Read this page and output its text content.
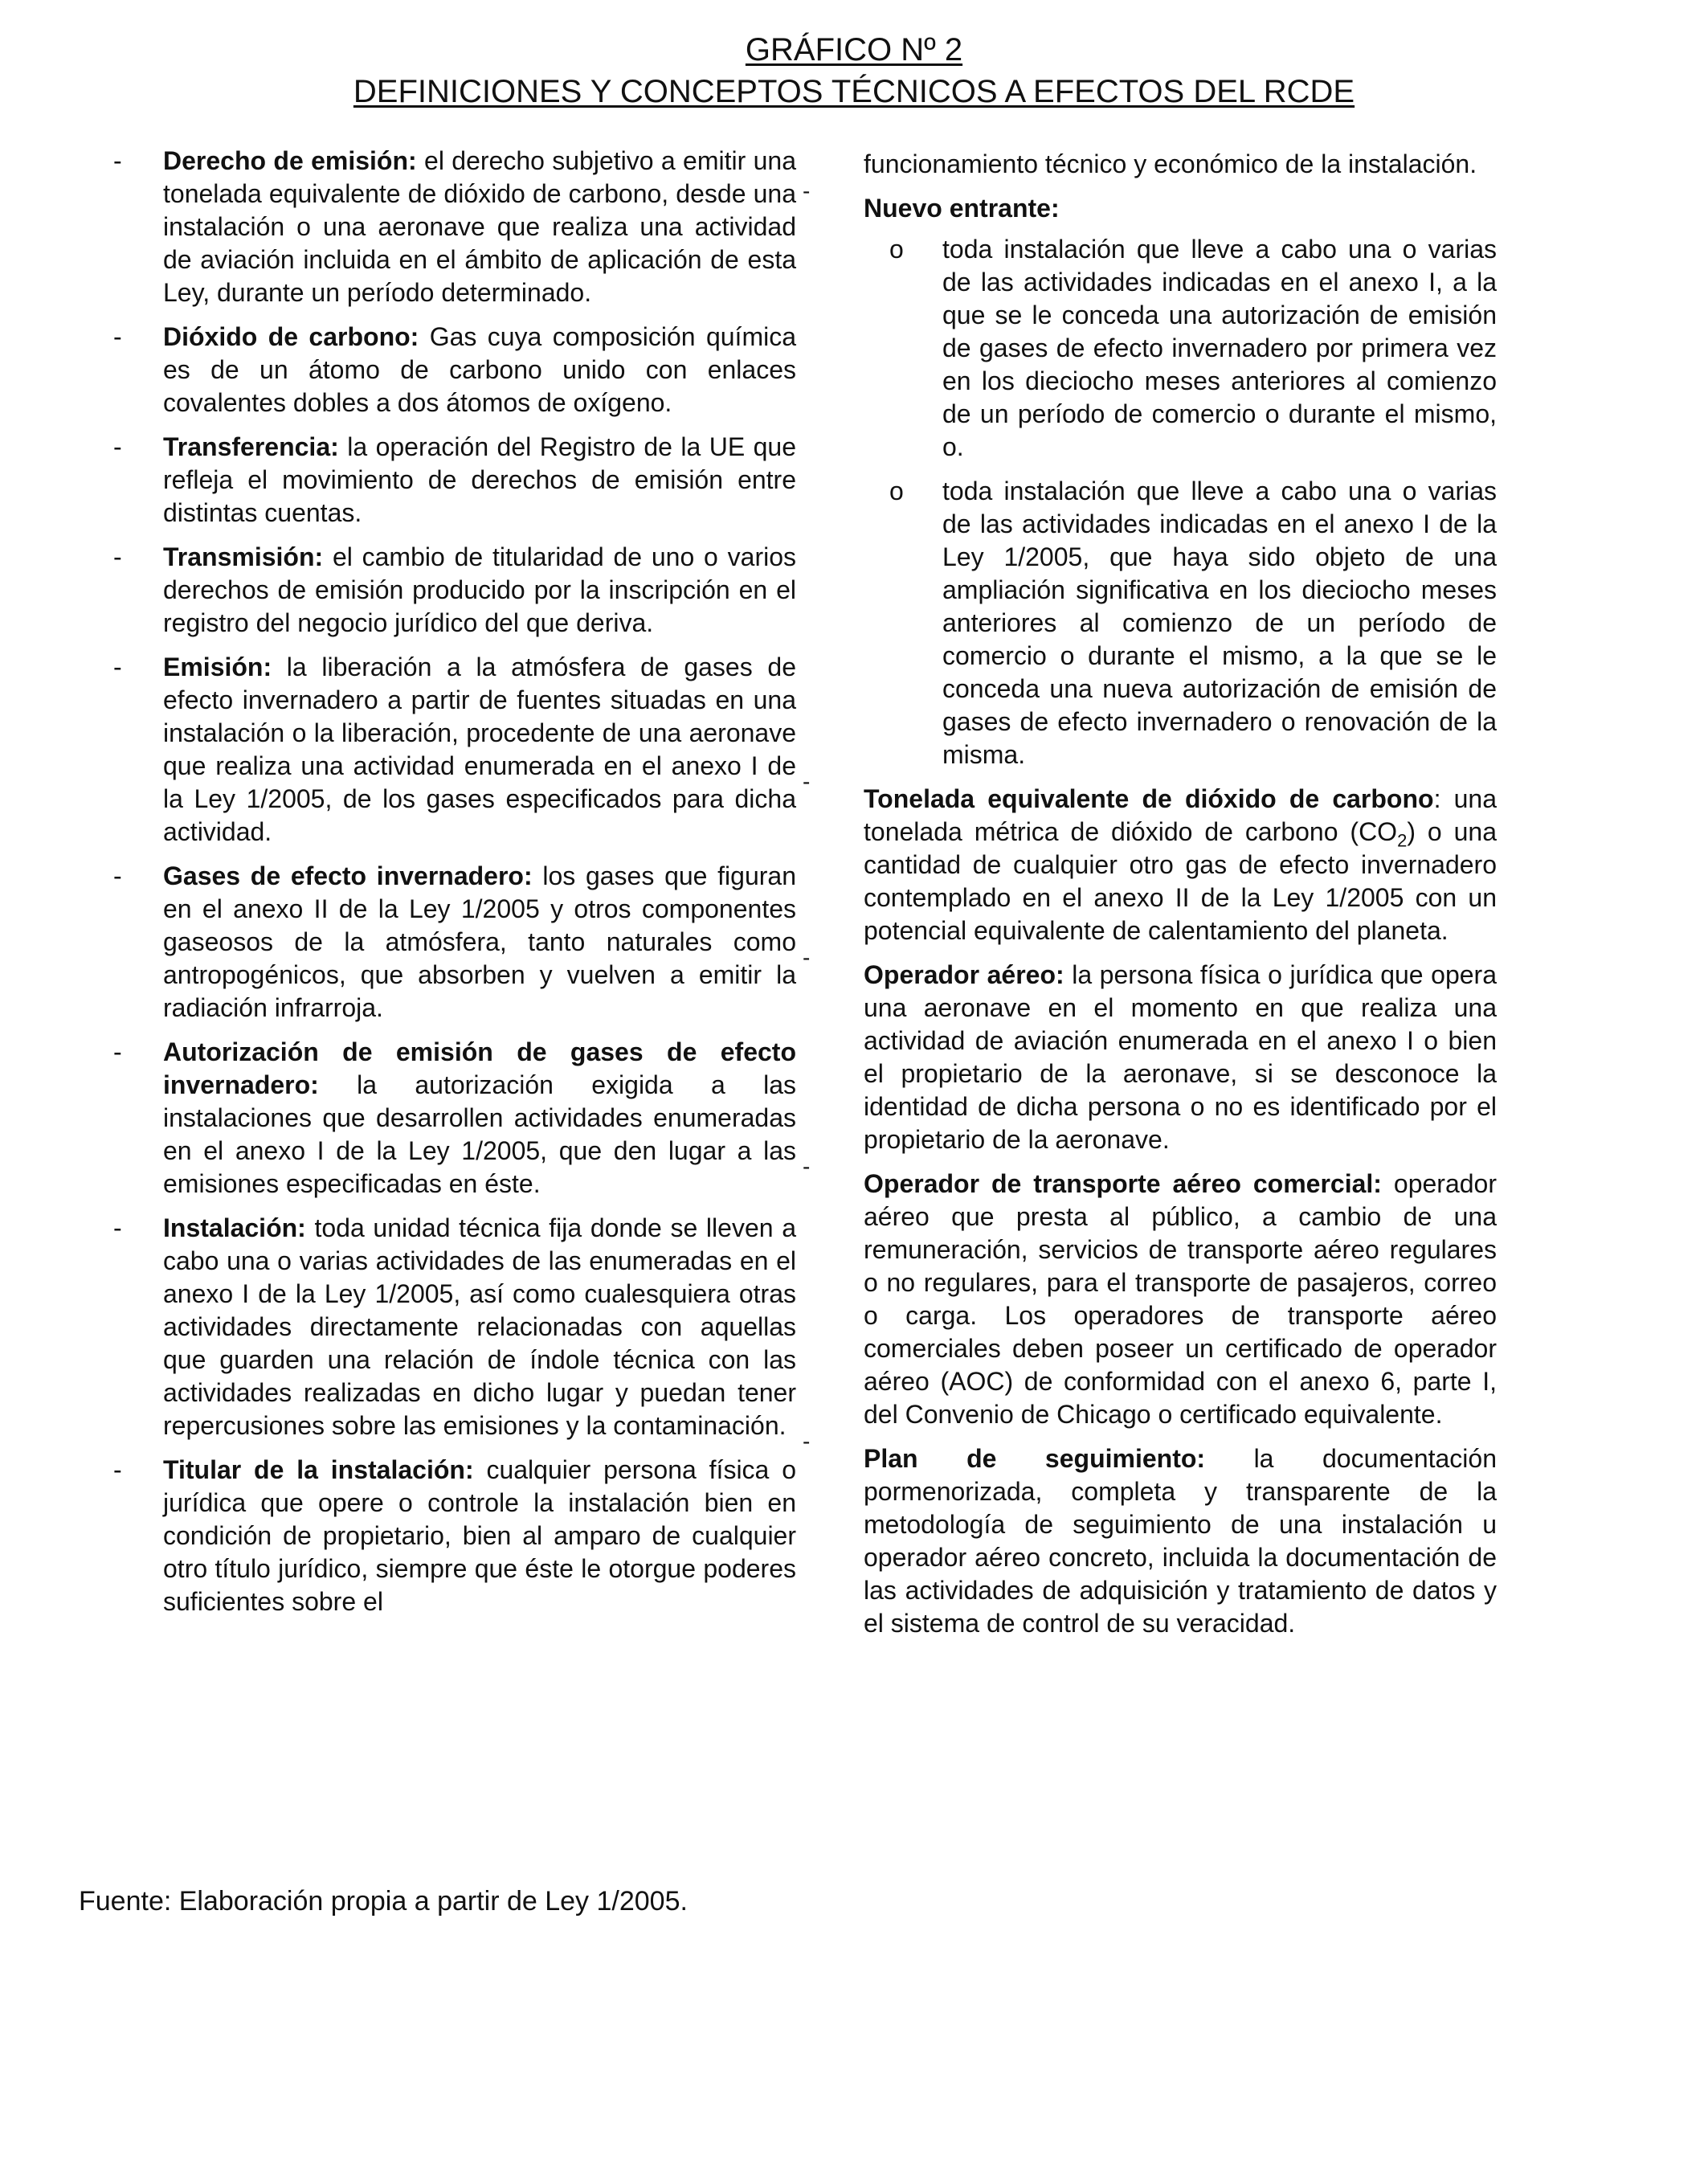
GRÁFICO Nº 2
DEFINICIONES Y CONCEPTOS TÉCNICOS A EFECTOS DEL RCDE
- Derecho de emisión: el derecho subjetivo a emitir una tonelada equivalente de dióxido de carbono, desde una instalación o una aeronave que realiza una actividad de aviación incluida en el ámbito de aplicación de esta Ley, durante un período determinado.
- Dióxido de carbono: Gas cuya composición química es de un átomo de carbono unido con enlaces covalentes dobles a dos átomos de oxígeno.
- Transferencia: la operación del Registro de la UE que refleja el movimiento de derechos de emisión entre distintas cuentas.
- Transmisión: el cambio de titularidad de uno o varios derechos de emisión producido por la inscripción en el registro del negocio jurídico del que deriva.
- Emisión: la liberación a la atmósfera de gases de efecto invernadero a partir de fuentes situadas en una instalación o la liberación, procedente de una aeronave que realiza una actividad enumerada en el anexo I de la Ley 1/2005, de los gases especificados para dicha actividad.
- Gases de efecto invernadero: los gases que figuran en el anexo II de la Ley 1/2005 y otros componentes gaseosos de la atmósfera, tanto naturales como antropogénicos, que absorben y vuelven a emitir la radiación infrarroja.
- Autorización de emisión de gases de efecto invernadero: la autorización exigida a las instalaciones que desarrollen actividades enumeradas en el anexo I de la Ley 1/2005, que den lugar a las emisiones especificadas en éste.
- Instalación: toda unidad técnica fija donde se lleven a cabo una o varias actividades de las enumeradas en el anexo I de la Ley 1/2005, así como cualesquiera otras actividades directamente relacionadas con aquellas que guarden una relación de índole técnica con las actividades realizadas en dicho lugar y puedan tener repercusiones sobre las emisiones y la contaminación.
- Titular de la instalación: cualquier persona física o jurídica que opere o controle la instalación bien en condición de propietario, bien al amparo de cualquier otro título jurídico, siempre que éste le otorgue poderes suficientes sobre el
funcionamiento técnico y económico de la instalación.
-
Nuevo entrante:
o toda instalación que lleve a cabo una o varias de las actividades indicadas en el anexo I, a la que se le conceda una autorización de emisión de gases de efecto invernadero por primera vez en los dieciocho meses anteriores al comienzo de un período de comercio o durante el mismo, o.
o toda instalación que lleve a cabo una o varias de las actividades indicadas en el anexo I de la Ley 1/2005, que haya sido objeto de una ampliación significativa en los dieciocho meses anteriores al comienzo de un período de comercio o durante el mismo, a la que se le conceda una nueva autorización de emisión de gases de efecto invernadero o renovación de la misma.
-
Tonelada equivalente de dióxido de carbono: una tonelada métrica de dióxido de carbono $(CO_2)$ o una cantidad de cualquier otro gas de efecto invernadero contemplado en el anexo II de la Ley 1/2005 con un potencial equivalente de calentamiento del planeta.
-
Operador aéreo: la persona física o jurídica que opera una aeronave en el momento en que realiza una actividad de aviación enumerada en el anexo I o bien el propietario de la aeronave, si se desconoce la identidad de dicha persona o no es identificado por el propietario de la aeronave.
-
Operador de transporte aéreo comercial: operador aéreo que presta al público, a cambio de una remuneración, servicios de transporte aéreo regulares o no regulares, para el transporte de pasajeros, correo o carga. Los operadores de transporte aéreo comerciales deben poseer un certificado de operador aéreo (AOC) de conformidad con el anexo 6, parte I, del Convenio de Chicago o certificado equivalente.
-
Plan de seguimiento: la documentación pormenorizada, completa y transparente de la metodología de seguimiento de una instalación u operador aéreo concreto, incluida la documentación de las actividades de adquisición y tratamiento de datos y el sistema de control de su veracidad.
Fuente: Elaboración propia a partir de Ley 1/2005.
